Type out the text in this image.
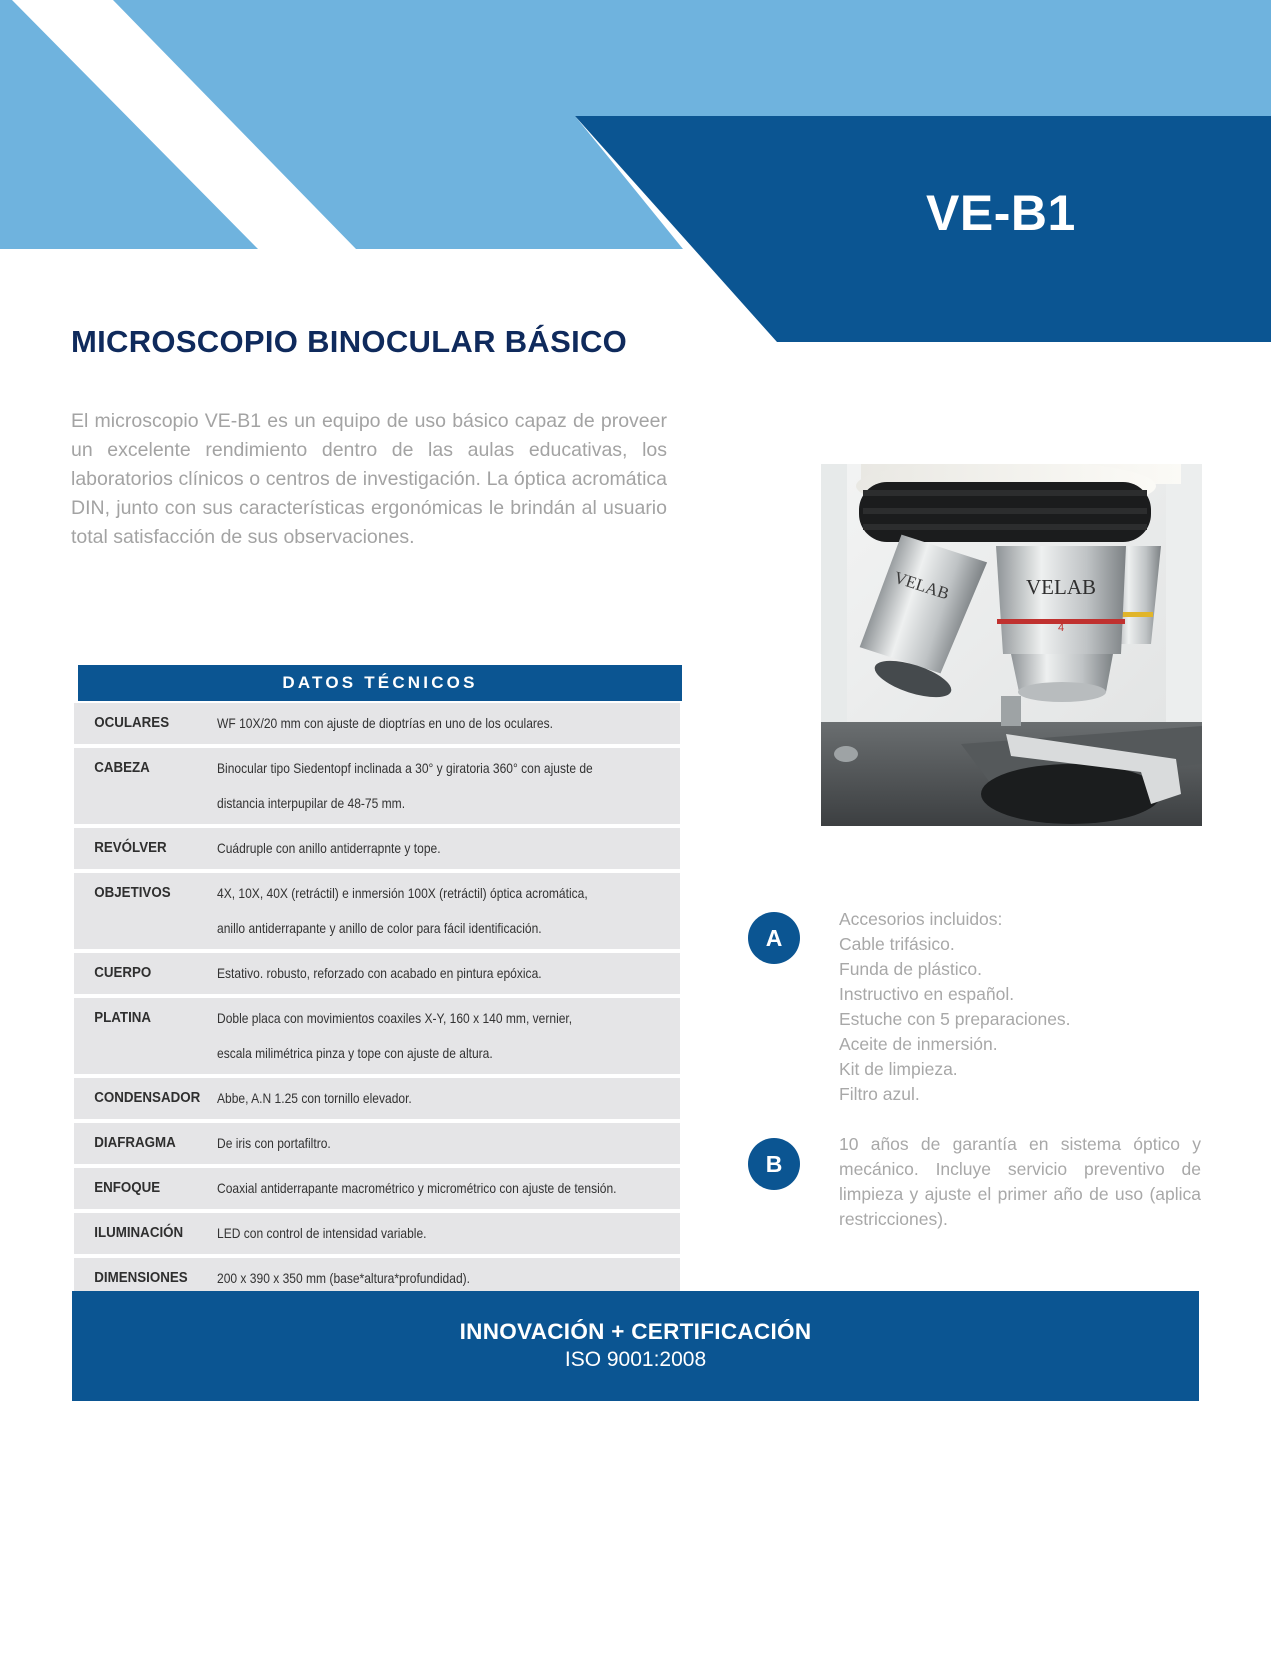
VE-B1
MICROSCOPIO BINOCULAR BÁSICO

El microscopio VE-B1 es un equipo de uso básico capaz de proveer un excelente rendimiento dentro de las aulas educativas, los laboratorios clínicos o centros de investigación. La óptica acromática DIN, junto con sus características ergonómicas le brindán al usuario total satisfacción de sus observaciones.

VELAB
4
VELAB
DATOS TÉCNICOS
OCULARES	WF 10X/20 mm con ajuste de dioptrías en uno de los oculares.
CABEZA	Binocular tipo Siedentopf inclinada a 30° y giratoria 360° con ajuste de
distancia interpupilar de 48-75 mm.
REVÓLVER	Cuádruple con anillo antiderrapnte y tope.
OBJETIVOS	4X, 10X, 40X (retráctil) e inmersión 100X (retráctil) óptica acromática,
anillo antiderrapante y anillo de color para fácil identificación.
CUERPO	Estativo. robusto, reforzado con acabado en pintura epóxica.
PLATINA	Doble placa con movimientos coaxiles X-Y, 160 x 140 mm, vernier,
escala milimétrica pinza y tope con ajuste de altura.
CONDENSADOR	Abbe, A.N 1.25 con tornillo elevador.
DIAFRAGMA	De iris con portafiltro.
ENFOQUE	Coaxial antiderrapante macrométrico y micrométrico con ajuste de tensión.
ILUMINACIÓN	LED con control de intensidad variable.
DIMENSIONES	200 x 390 x 350 mm (base*altura*profundidad).
A
Accesorios incluidos:
Cable trifásico.
Funda de plástico.
Instructivo en español.
Estuche con 5 preparaciones.
Aceite de inmersión.
Kit de limpieza.
Filtro azul.
B

10 años de garantía en sistema óptico y mecánico. Incluye servicio preventivo de limpieza y ajuste el primer año de uso (aplica restricciones).

INNOVACIÓN + CERTIFICACIÓN
ISO 9001:2008
